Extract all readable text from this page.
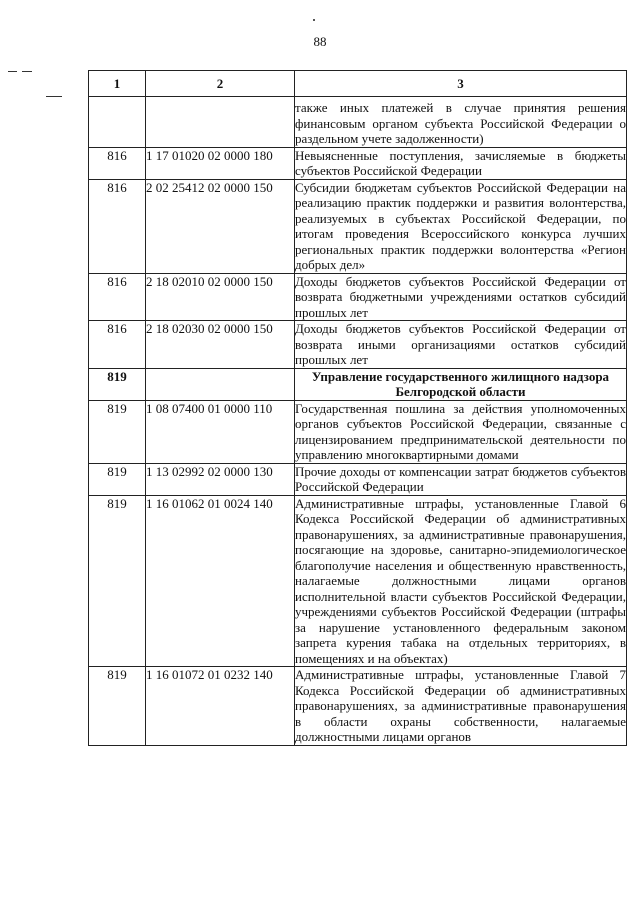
88
1	2	3
		также иных платежей в случае принятия решения финансовым органом субъекта Российской Федерации о раздельном учете задолженности)
816	1 17 01020 02 0000 180	Невыясненные поступления, зачисляемые в бюджеты субъектов Российской Федерации
816	2 02 25412 02 0000 150	Субсидии бюджетам субъектов Российской Федерации на реализацию практик поддержки и развития волонтерства, реализуемых в субъектах Российской Федерации, по итогам проведения Всероссийского конкурса лучших региональных практик поддержки волонтерства «Регион добрых дел»
816	2 18 02010 02 0000 150	Доходы бюджетов субъектов Российской Федерации от возврата бюджетными учреждениями остатков субсидий прошлых лет
816	2 18 02030 02 0000 150	Доходы бюджетов субъектов Российской Федерации от возврата иными организациями остатков субсидий прошлых лет
819		Управление государственного жилищного надзора Белгородской области
819	1 08 07400 01 0000 110	Государственная пошлина за действия уполномоченных органов субъектов Российской Федерации, связанные с лицензированием предпринимательской деятельности по управлению многоквартирными домами
819	1 13 02992 02 0000 130	Прочие доходы от компенсации затрат бюджетов субъектов Российской Федерации
819	1 16 01062 01 0024 140	Административные штрафы, установленные Главой 6 Кодекса Российской Федерации об административных правонарушениях, за административные правонарушения, посягающие на здоровье, санитарно-эпидемиологическое благополучие населения и общественную нравственность, налагаемые должностными лицами органов исполнительной власти субъектов Российской Федерации, учреждениями субъектов Российской Федерации (штрафы за нарушение установленного федеральным законом запрета курения табака на отдельных территориях, в помещениях и на объектах)
819	1 16 01072 01 0232 140	Административные штрафы, установленные Главой 7 Кодекса Российской Федерации об административных правонарушениях, за административные правонарушения в области охраны собственности, налагаемые должностными лицами органов
